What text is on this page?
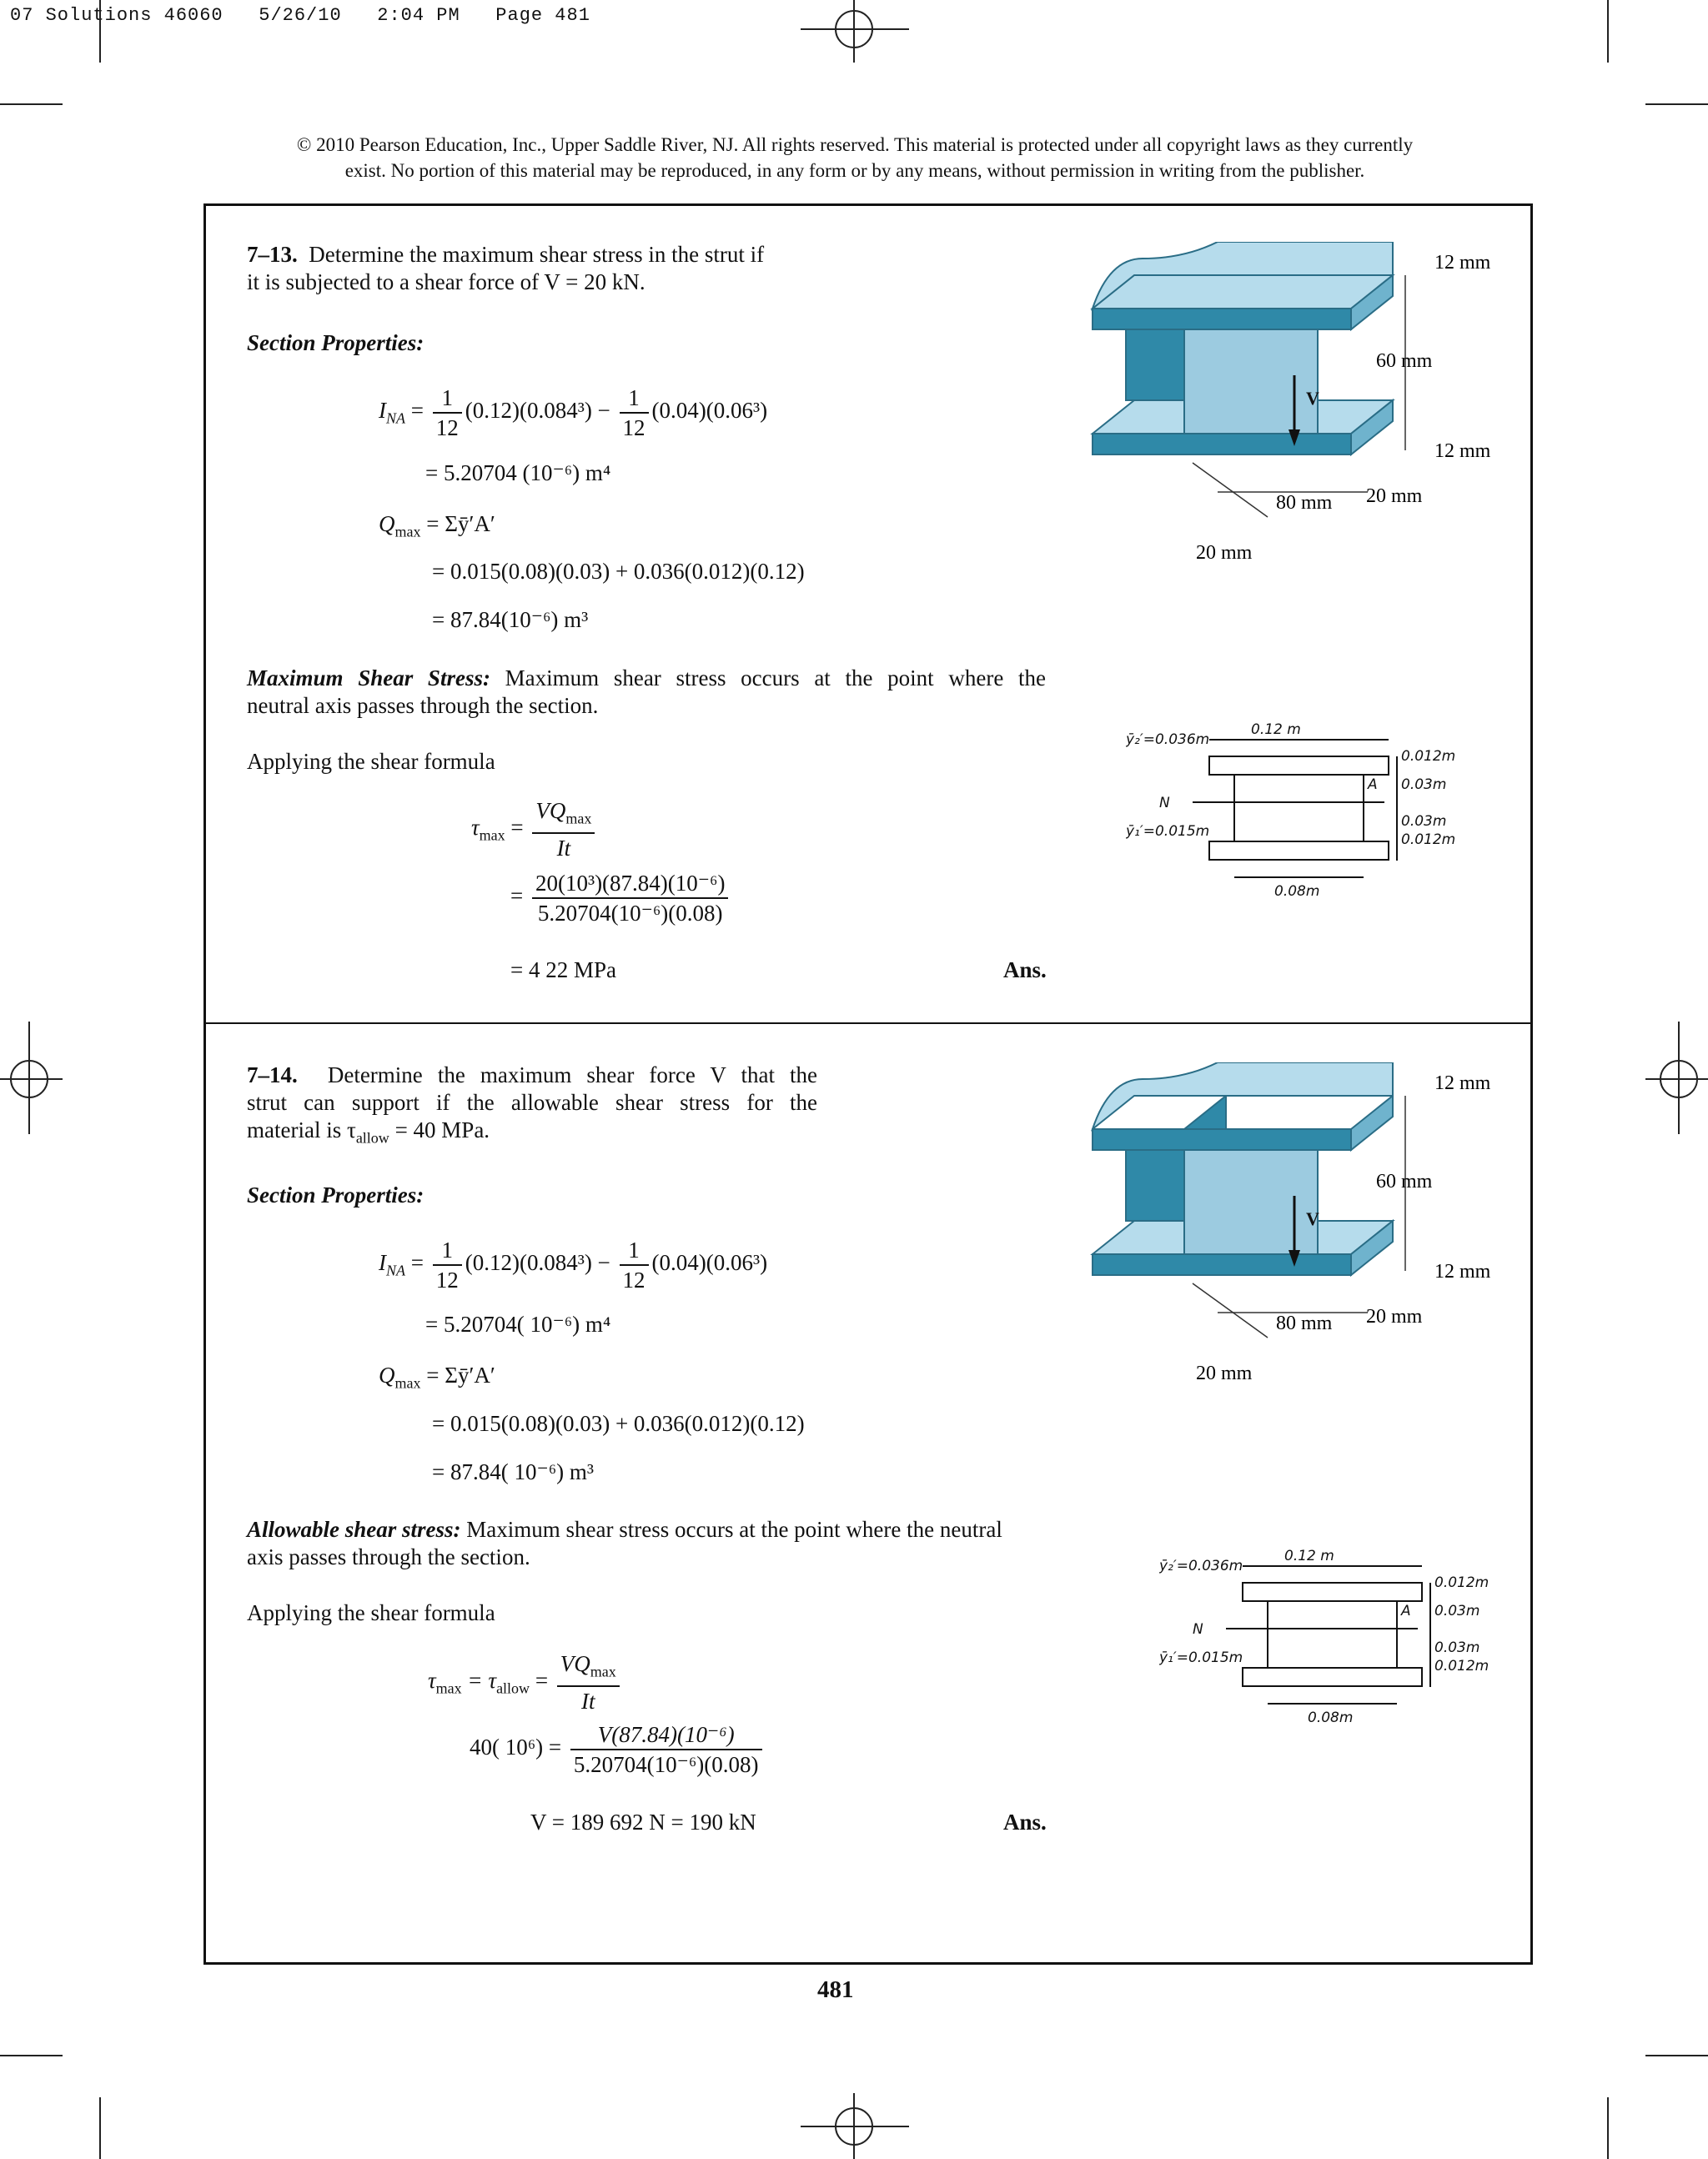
07 Solutions 46060   5/26/10   2:04 PM   Page 481
© 2010 Pearson Education, Inc., Upper Saddle River, NJ. All rights reserved. This material is protected under all copyright laws as they currently
exist. No portion of this material may be reproduced, in any form or by any means, without permission in writing from the publisher.
7–13. Determine the maximum shear stress in the strut if
it is subjected to a shear force of V = 20 kN.
Section Properties:
$I_{NA} = \frac{1}{12} (0.12)(0.084^3) - \frac{1}{12} (0.04)(0.06^3)$
= 5.20704 (10⁻⁶) m⁴
$Q_{max}$ = Σȳ′A′
= 0.015(0.08)(0.03) + 0.036(0.012)(0.12)
= 87.84(10⁻⁶) m³
Maximum Shear Stress: Maximum shear stress occurs at the point where the
neutral axis passes through the section.
Applying the shear formula
$\tau_{max} = \frac{VQ_{max}}{It}$
= $\frac{\text{20(10³)(87.84)(10⁻⁶)}}{\text{5.20704(10⁻⁶)(0.08)}}$
= 4 22 MPa	Ans.
7–14. Determine the maximum shear force V that the
strut can support if the allowable shear stress for the
material is $\tau_{allow} = 40$ MPa.
Section Properties:
$I_{NA} = \frac{1}{12} (0.12)(0.084^3) - \frac{1}{12} (0.04)(0.06^3)$
= 5.20704( 10⁻⁶) m⁴
$Q_{max}$ = Σȳ′A′
= 0.015(0.08)(0.03) + 0.036(0.012)(0.12)
= 87.84( 10⁻⁶) m³
Allowable shear stress: Maximum shear stress occurs at the point where the neutral
axis passes through the section.
Applying the shear formula
$\tau_{max} = \tau_{allow} = \frac{VQ_{max}}{It}$
40( $10^6) = \frac{\text{V(87.84)(10⁻⁶)}}{\text{5.20704(10⁻⁶)(0.08)}}$
V = 189 692 N = 190 kN	Ans.
V
12 mm
60 mm
12 mm
80 mm 20 mm
20 mm
V
12 mm
60 mm
12 mm
80 mm 20 mm
20 mm
ȳ₂′=0.036m
0.12 m
0.012m
A 0.03m
N
ȳ₁′=0.015m
0.03m
0.012m
0.08m
ȳ₂′=0.036m
0.12 m
0.012m
A 0.03m
N
ȳ₁′=0.015m
0.03m
0.012m
0.08m
481
